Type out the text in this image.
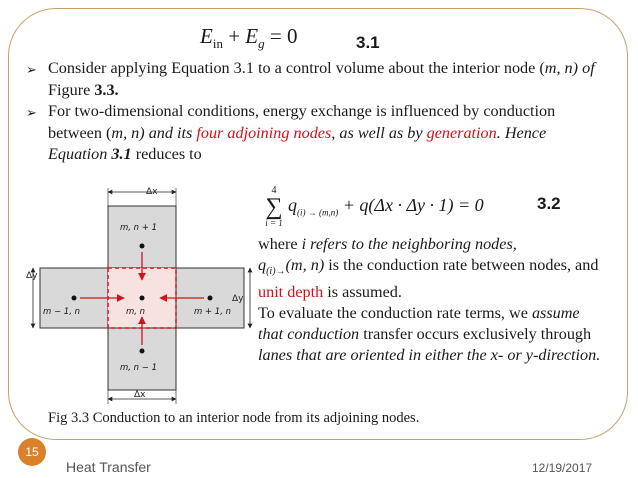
$E_{in} + E_g = 0$	3.1
➢ Consider applying Equation 3.1 to a control volume about the interior node (m, n) of Figure 3.3.
➢ For two-dimensional conditions, energy exchange is influenced by conduction between (m, n) and its four adjoining nodes, as well as by generation. Hence Equation 3.1 reduces to
4
∑
i = 1
$q_{(i) \to (m,n)} + q(\Delta x \cdot \Delta y \cdot 1) = 0$	3.2
where i refers to the neighboring nodes,
$q_{(i)\to}(m$, n) is the conduction rate between nodes, and unit depth is assumed.
To evaluate the conduction rate terms, we assume that conduction transfer occurs exclusively through lanes that are oriented in either the x- or y-direction.
Δx
Δx
Δy
Δy
m, n + 1
m − 1, n	m, n	m + 1, n
m, n − 1
Fig 3.3 Conduction to an interior node from its adjoining nodes.
15
Heat Transfer	12/19/2017
